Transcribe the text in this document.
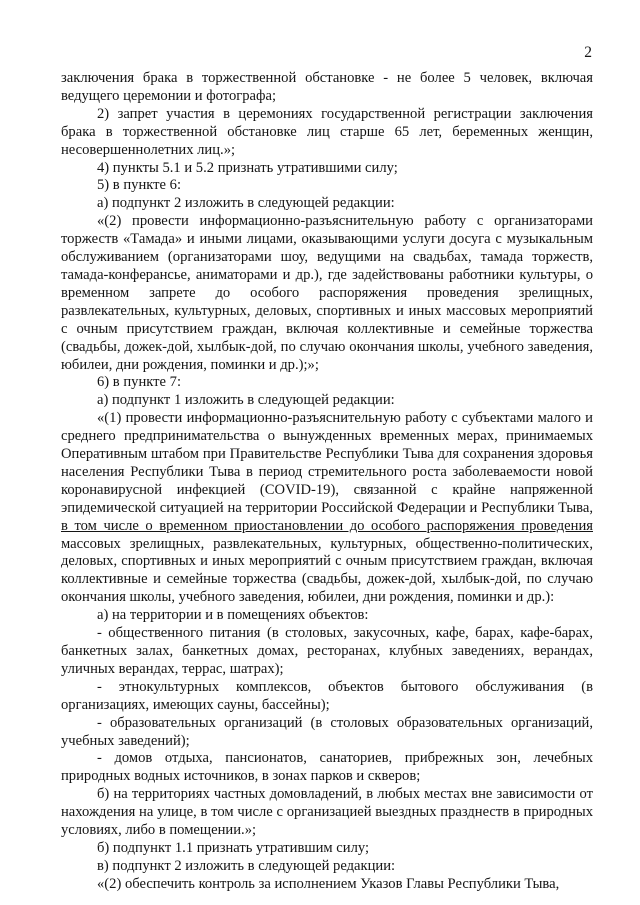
2

заключения брака в торжественной обстановке - не более 5 человек, включая ведущего церемонии и фотографа;

2) запрет участия в церемониях государственной регистрации заключения брака в торжественной обстановке лиц старше 65 лет, беременных женщин, несовершеннолетних лиц.»;

4) пункты 5.1 и 5.2 признать утратившими силу;

5) в пункте 6:

а) подпункт 2 изложить в следующей редакции:

«(2) провести информационно-разъяснительную работу с организаторами торжеств «Тамада» и иными лицами, оказывающими услуги досуга с музыкальным обслуживанием (организаторами шоу, ведущими на свадьбах, тамада торжеств, тамада-конферансье, аниматорами и др.), где задействованы работники культуры, о временном запрете до особого распоряжения проведения зрелищных, развлекательных, культурных, деловых, спортивных и иных массовых мероприятий с очным присутствием граждан, включая коллективные и семейные торжества (свадьбы, дожек-дой, хылбык-дой, по случаю окончания школы, учебного заведения, юбилеи, дни рождения, поминки и др.);»;

6) в пункте 7:

а) подпункт 1 изложить в следующей редакции:

«(1) провести информационно-разъяснительную работу с субъектами малого и среднего предпринимательства о вынужденных временных мерах, принимаемых Оперативным штабом при Правительстве Республики Тыва для сохранения здоровья населения Республики Тыва в период стремительного роста заболеваемости новой коронавирусной инфекцией (COVID-19), связанной с крайне напряженной эпидемической ситуацией на территории Российской Федерации и Республики Тыва, в том числе о временном приостановлении до особого распоряжения проведения массовых зрелищных, развлекательных, культурных, общественно-политических, деловых, спортивных и иных мероприятий с очным присутствием граждан, включая коллективные и семейные торжества (свадьбы, дожек-дой, хылбык-дой, по случаю окончания школы, учебного заведения, юбилеи, дни рождения, поминки и др.):

а) на территории и в помещениях объектов:

- общественного питания (в столовых, закусочных, кафе, барах, кафе-барах, банкетных залах, банкетных домах, ресторанах, клубных заведениях, верандах, уличных верандах, террас, шатрах);

- этнокультурных комплексов, объектов бытового обслуживания (в организациях, имеющих сауны, бассейны);

- образовательных организаций (в столовых образовательных организаций, учебных заведений);

- домов отдыха, пансионатов, санаториев, прибрежных зон, лечебных природных водных источников, в зонах парков и скверов;

б) на территориях частных домовладений, в любых местах вне зависимости от нахождения на улице, в том числе с организацией выездных празднеств в природных условиях, либо в помещении.»;

б) подпункт 1.1 признать утратившим силу;

в) подпункт 2 изложить в следующей редакции:

«(2) обеспечить контроль за исполнением Указов Главы Республики Тыва,
